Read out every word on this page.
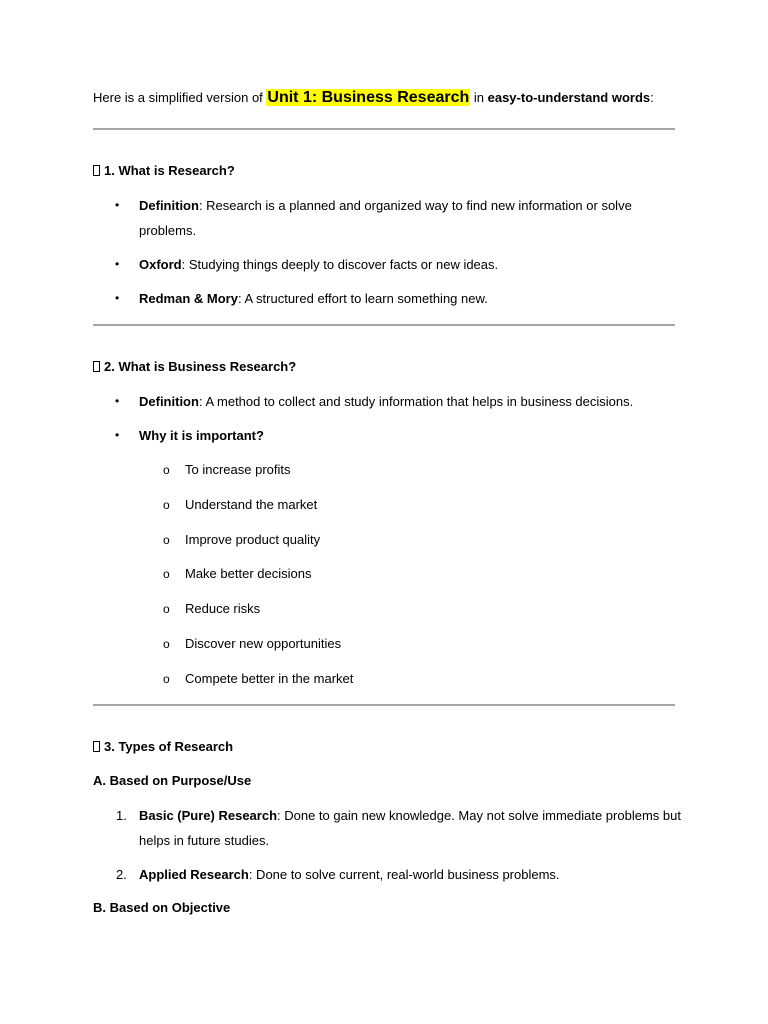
Here is a simplified version of Unit 1: Business Research in easy-to-understand words:
1. What is Research?
• Definition: Research is a planned and organized way to find new information or solve
problems.
• Oxford: Studying things deeply to discover facts or new ideas.
• Redman & Mory: A structured effort to learn something new.
2. What is Business Research?
• Definition: A method to collect and study information that helps in business decisions.
• Why it is important?
o To increase profits
o Understand the market
o Improve product quality
o Make better decisions
o Reduce risks
o Discover new opportunities
o Compete better in the market
3. Types of Research
A. Based on Purpose/Use
1. Basic (Pure) Research: Done to gain new knowledge. May not solve immediate problems but
helps in future studies.
2. Applied Research: Done to solve current, real-world business problems.
B. Based on Objective
